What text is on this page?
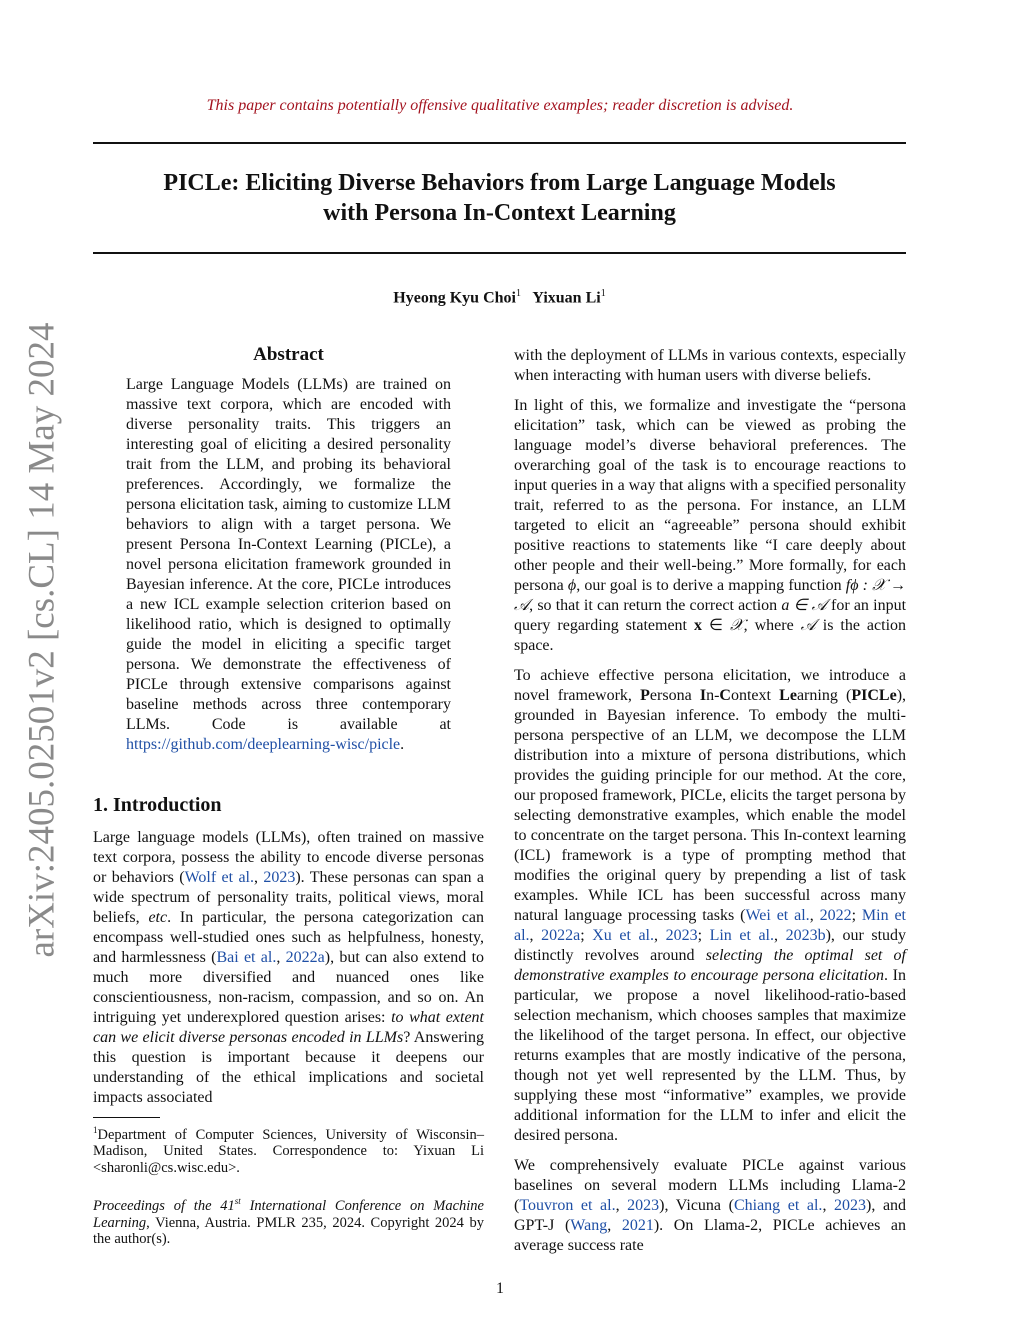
arXiv:2405.02501v2 [cs.CL] 14 May 2024
This paper contains potentially offensive qualitative examples; reader discretion is advised.
PICLe: Eliciting Diverse Behaviors from Large Language Models
with Persona In-Context Learning
Hyeong Kyu Choi$^1$ Yixuan Li$^1$
Abstract
Large Language Models (LLMs) are trained on massive text corpora, which are encoded with diverse personality traits. This triggers an interesting goal of eliciting a desired personality trait from the LLM, and probing its behavioral preferences. Accordingly, we formalize the persona elicitation task, aiming to customize LLM behaviors to align with a target persona. We present Persona In-Context Learning (PICLe), a novel persona elicitation framework grounded in Bayesian inference. At the core, PICLe introduces a new ICL example selection criterion based on likelihood ratio, which is designed to optimally guide the model in eliciting a specific target persona. We demonstrate the effectiveness of PICLe through extensive comparisons against baseline methods across three contemporary LLMs. Code is available at https://github.com/deeplearning-wisc/picle.
1. Introduction
Large language models (LLMs), often trained on massive text corpora, possess the ability to encode diverse personas or behaviors (Wolf et al., 2023). These personas can span a wide spectrum of personality traits, political views, moral beliefs, etc. In particular, the persona categorization can encompass well-studied ones such as helpfulness, honesty, and harmlessness (Bai et al., 2022a), but can also extend to much more diversified and nuanced ones like conscientiousness, non-racism, compassion, and so on. An intriguing yet underexplored question arises: to what extent can we elicit diverse personas encoded in LLMs? Answering this question is important because it deepens our understanding of the ethical implications and societal impacts associated
$^1$Department of Computer Sciences, University of Wisconsin–Madison, United States. Correspondence to: Yixuan Li <sharonli@cs.wisc.edu>.
Proceedings of the 41st International Conference on Machine Learning, Vienna, Austria. PMLR 235, 2024. Copyright 2024 by the author(s).
with the deployment of LLMs in various contexts, especially when interacting with human users with diverse beliefs.
In light of this, we formalize and investigate the “persona elicitation” task, which can be viewed as probing the language model’s diverse behavioral preferences. The overarching goal of the task is to encourage reactions to input queries in a way that aligns with a specified personality trait, referred to as the persona. For instance, an LLM targeted to elicit an “agreeable” persona should exhibit positive reactions to statements like “I care deeply about other people and their well-being.” More formally, for each persona ϕ, our goal is to derive a mapping function fϕ : 𝒳 → 𝒜, so that it can return the correct action a ∈ 𝒜 for an input query regarding statement x ∈ 𝒳, where 𝒜 is the action space.
To achieve effective persona elicitation, we introduce a novel framework, Persona In-Context Learning (PICLe), grounded in Bayesian inference. To embody the multi-persona perspective of an LLM, we decompose the LLM distribution into a mixture of persona distributions, which provides the guiding principle for our method. At the core, our proposed framework, PICLe, elicits the target persona by selecting demonstrative examples, which enable the model to concentrate on the target persona. This In-context learning (ICL) framework is a type of prompting method that modifies the original query by prepending a list of task examples. While ICL has been successful across many natural language processing tasks (Wei et al., 2022; Min et al., 2022a; Xu et al., 2023; Lin et al., 2023b), our study distinctly revolves around selecting the optimal set of demonstrative examples to encourage persona elicitation. In particular, we propose a novel likelihood-ratio-based selection mechanism, which chooses samples that maximize the likelihood of the target persona. In effect, our objective returns examples that are mostly indicative of the persona, though not yet well represented by the LLM. Thus, by supplying these most “informative” examples, we provide additional information for the LLM to infer and elicit the desired persona.
We comprehensively evaluate PICLe against various baselines on several modern LLMs including Llama-2 (Touvron et al., 2023), Vicuna (Chiang et al., 2023), and GPT-J (Wang, 2021). On Llama-2, PICLe achieves an average success rate
1
